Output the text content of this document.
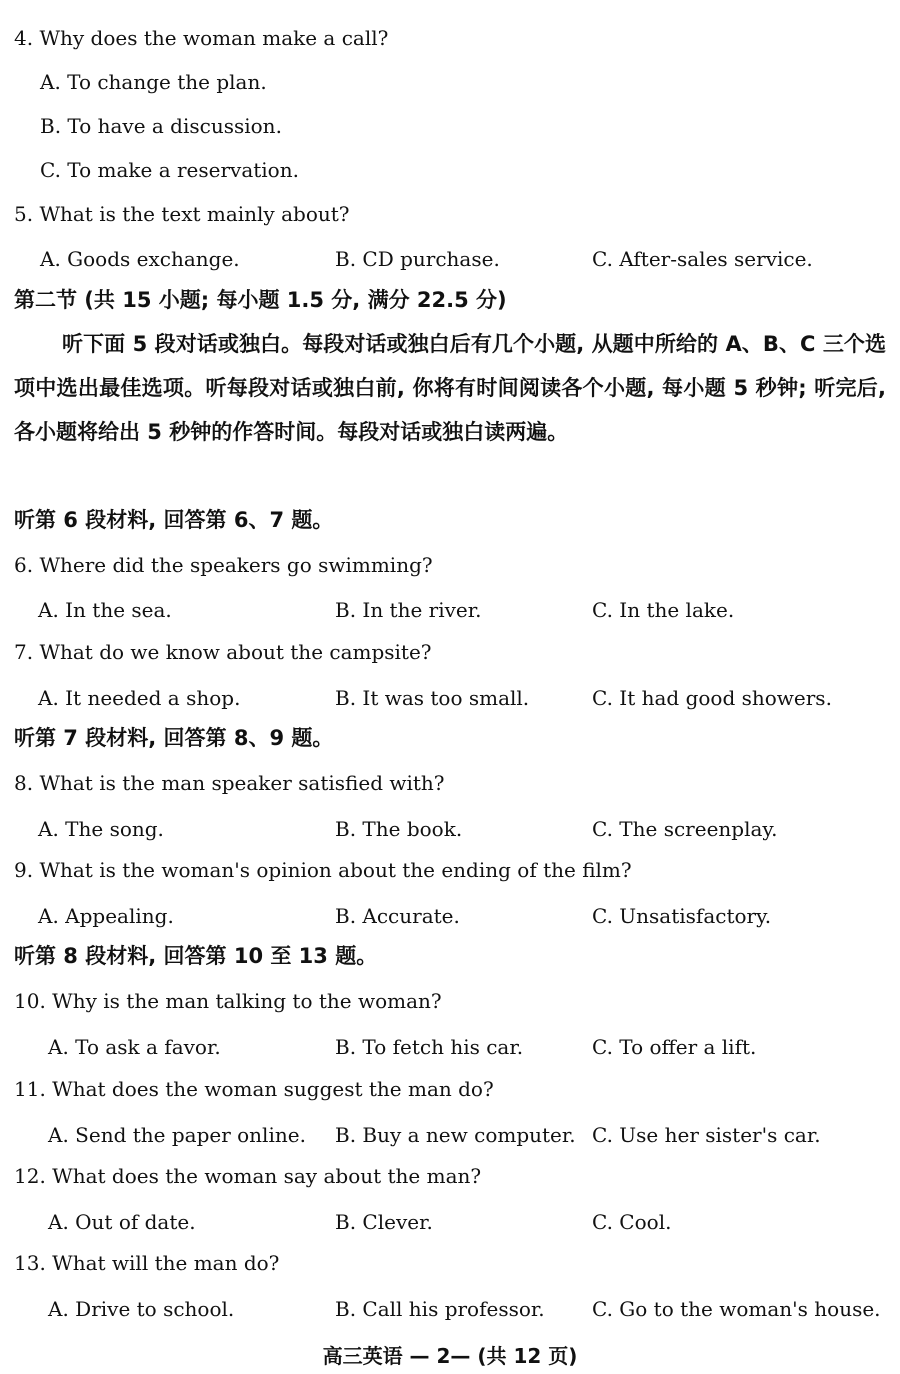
4. Why does the woman make a call?
A. To change the plan.
B. To have a discussion.
C. To make a reservation.
5. What is the text mainly about?
A. Goods exchange.	B. CD purchase.	C. After-sales service.
第二节 (共 15 小题; 每小题 1.5 分, 满分 22.5 分)
听下面 5 段对话或独白。每段对话或独白后有几个小题, 从题中所给的 A、B、C 三个选项中选出最佳选项。听每段对话或独白前, 你将有时间阅读各个小题, 每小题 5 秒钟; 听完后, 各小题将给出 5 秒钟的作答时间。每段对话或独白读两遍。
听第 6 段材料, 回答第 6、7 题。
6. Where did the speakers go swimming?
A. In the sea.	B. In the river.	C. In the lake.
7. What do we know about the campsite?
A. It needed a shop.	B. It was too small.	C. It had good showers.
听第 7 段材料, 回答第 8、9 题。
8. What is the man speaker satisfied with?
A. The song.	B. The book.	C. The screenplay.
9. What is the woman's opinion about the ending of the film?
A. Appealing.	B. Accurate.	C. Unsatisfactory.
听第 8 段材料, 回答第 10 至 13 题。
10. Why is the man talking to the woman?
A. To ask a favor.	B. To fetch his car.	C. To offer a lift.
11. What does the woman suggest the man do?
A. Send the paper online. B. Buy a new computer. C. Use her sister's car.
12. What does the woman say about the man?
A. Out of date.	B. Clever.	C. Cool.
13. What will the man do?
A. Drive to school.	B. Call his professor. C. Go to the woman's house.
高三英语 — 2— (共 12 页)
